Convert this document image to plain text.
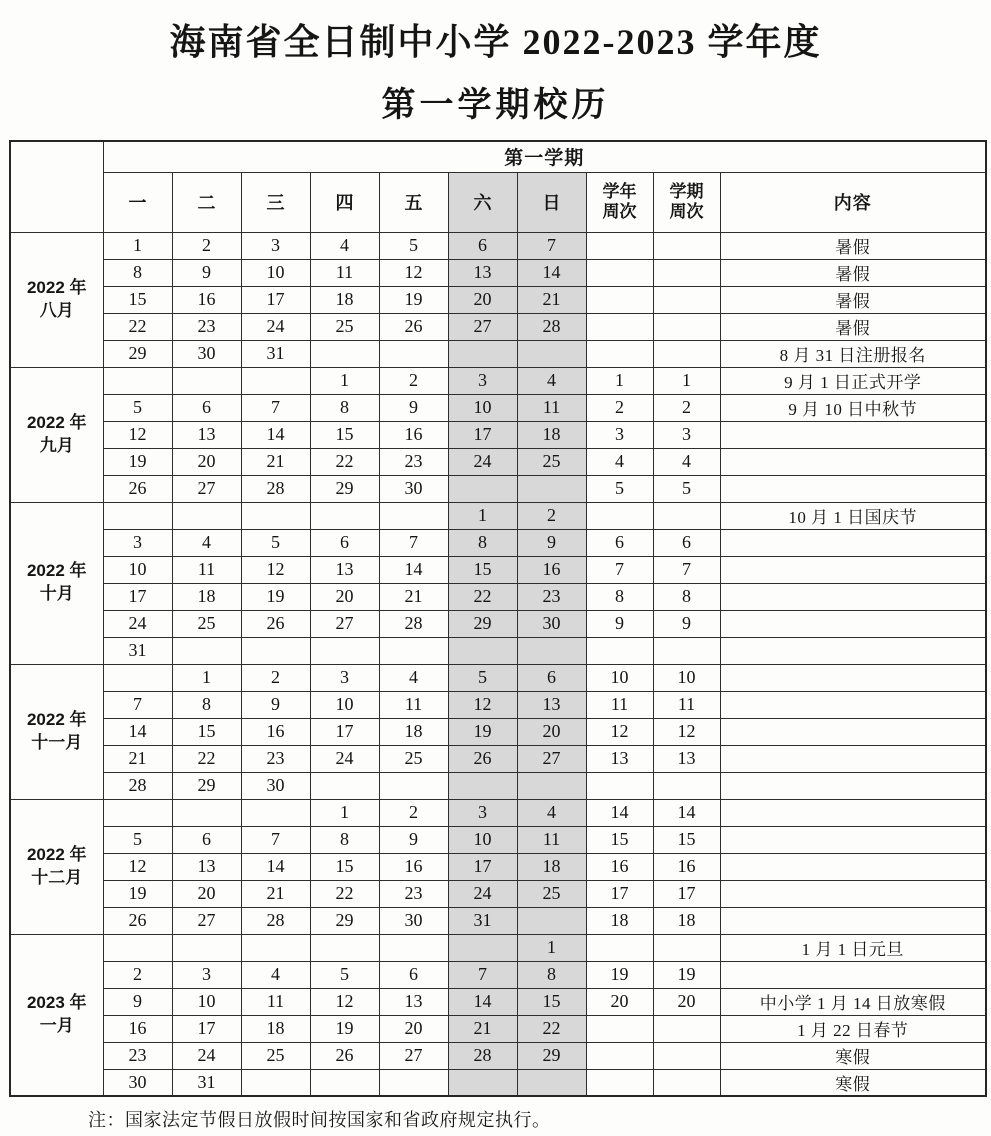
海南省全日制中小学 2022-2023 学年度
第一学期校历
	第一学期									
一	二	三	四	五	六	日	
学年
周次

学期
周次	内容

2022 年
八月	1	2	3	4	5	6	7			暑假
	8	9	10	11	12	13	14			暑假
	15	16	17	18	19	20	21			暑假
	22	23	24	25	26	27	28			暑假
	29	30	31							8 月 31 日注册报名

2022 年
九月				1	2	3	4	1	1	9 月 1 日正式开学
	5	6	7	8	9	10	11	2	2	9 月 10 日中秋节
	12	13	14	15	16	17	18	3	3	
	19	20	21	22	23	24	25	4	4	
	26	27	28	29	30			5	5	

2022 年
十月						1	2			10 月 1 日国庆节
	3	4	5	6	7	8	9	6	6	
	10	11	12	13	14	15	16	7	7	
	17	18	19	20	21	22	23	8	8	
	24	25	26	27	28	29	30	9	9	
	31									

2022 年
十一月		1	2	3	4	5	6	10	10	
	7	8	9	10	11	12	13	11	11	
	14	15	16	17	18	19	20	12	12	
	21	22	23	24	25	26	27	13	13	
	28	29	30							

2022 年
十二月				1	2	3	4	14	14	
	5	6	7	8	9	10	11	15	15	
	12	13	14	15	16	17	18	16	16	
	19	20	21	22	23	24	25	17	17	
	26	27	28	29	30	31		18	18	

2023 年
一月							1			1 月 1 日元旦
	2	3	4	5	6	7	8	19	19	
	9	10	11	12	13	14	15	20	20	中小学 1 月 14 日放寒假
	16	17	18	19	20	21	22			1 月 22 日春节
	23	24	25	26	27	28	29			寒假
	30	31								寒假

注：国家法定节假日放假时间按国家和省政府规定执行。
